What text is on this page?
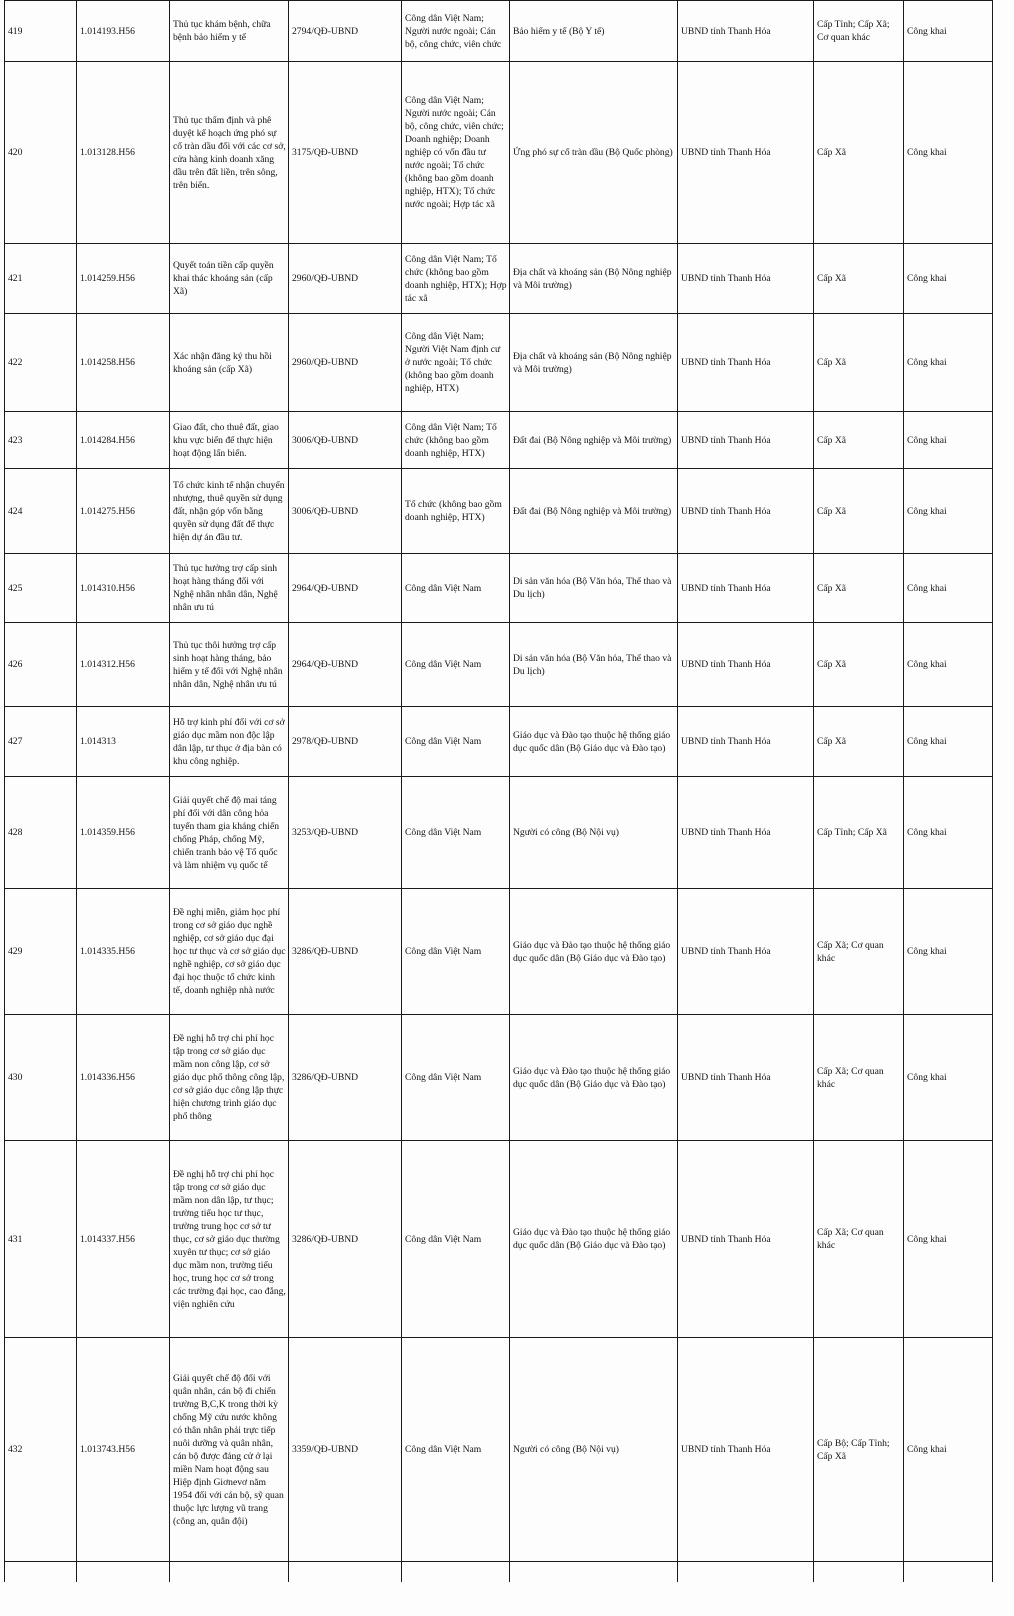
419	1.014193.H56	Thủ tục khám bệnh, chữa bệnh bảo hiểm y tế	2794/QĐ-UBND	Công dân Việt Nam; Người nước ngoài; Cán bộ, công chức, viên chức	Bảo hiểm y tế (Bộ Y tế)	UBND tỉnh Thanh Hóa	Cấp Tỉnh; Cấp Xã; Cơ quan khác	Công khai
420	1.013128.H56	Thủ tục thẩm định và phê duyệt kế hoạch ứng phó sự cố tràn dầu đối với các cơ sở, cửa hàng kinh doanh xăng dầu trên đất liền, trên sông, trên biển.	3175/QĐ-UBND	Công dân Việt Nam; Người nước ngoài; Cán bộ, công chức, viên chức; Doanh nghiệp; Doanh nghiệp có vốn đầu tư nước ngoài; Tổ chức (không bao gồm doanh nghiệp, HTX); Tổ chức nước ngoài; Hợp tác xã	Ứng phó sự cố tràn dầu (Bộ Quốc phòng)	UBND tỉnh Thanh Hóa	Cấp Xã	Công khai
421	1.014259.H56	Quyết toán tiền cấp quyền khai thác khoáng sản (cấp Xã)	2960/QĐ-UBND	Công dân Việt Nam; Tổ chức (không bao gồm doanh nghiệp, HTX); Hợp tác xã	Địa chất và khoáng sản (Bộ Nông nghiệp và Môi trường)	UBND tỉnh Thanh Hóa	Cấp Xã	Công khai
422	1.014258.H56	Xác nhận đăng ký thu hồi khoáng sản (cấp Xã)	2960/QĐ-UBND	Công dân Việt Nam; Người Việt Nam định cư ở nước ngoài; Tổ chức (không bao gồm doanh nghiệp, HTX)	Địa chất và khoáng sản (Bộ Nông nghiệp và Môi trường)	UBND tỉnh Thanh Hóa	Cấp Xã	Công khai
423	1.014284.H56	Giao đất, cho thuê đất, giao khu vực biển để thực hiện hoạt động lấn biển.	3006/QĐ-UBND	Công dân Việt Nam; Tổ chức (không bao gồm doanh nghiệp, HTX)	Đất đai (Bộ Nông nghiệp và Môi trường)	UBND tỉnh Thanh Hóa	Cấp Xã	Công khai
424	1.014275.H56	Tổ chức kinh tế nhận chuyển nhượng, thuê quyền sử dụng đất, nhận góp vốn bằng quyền sử dụng đất để thực hiện dự án đầu tư.	3006/QĐ-UBND	Tổ chức (không bao gồm doanh nghiệp, HTX)	Đất đai (Bộ Nông nghiệp và Môi trường)	UBND tỉnh Thanh Hóa	Cấp Xã	Công khai
425	1.014310.H56	Thủ tục hưởng trợ cấp sinh hoạt hàng tháng đối với Nghệ nhân nhân dân, Nghệ nhân ưu tú	2964/QĐ-UBND	Công dân Việt Nam	Di sản văn hóa (Bộ Văn hóa, Thể thao và Du lịch)	UBND tỉnh Thanh Hóa	Cấp Xã	Công khai
426	1.014312.H56	Thủ tục thôi hưởng trợ cấp sinh hoạt hàng tháng, bảo hiểm y tế đối với Nghệ nhân nhân dân, Nghệ nhân ưu tú	2964/QĐ-UBND	Công dân Việt Nam	Di sản văn hóa (Bộ Văn hóa, Thể thao và Du lịch)	UBND tỉnh Thanh Hóa	Cấp Xã	Công khai
427	1.014313	Hỗ trợ kinh phí đối với cơ sở giáo dục mầm non độc lập dân lập, tư thục ở địa bàn có khu công nghiệp.	2978/QĐ-UBND	Công dân Việt Nam	Giáo dục và Đào tạo thuộc hệ thống giáo dục quốc dân (Bộ Giáo dục và Đào tạo)	UBND tỉnh Thanh Hóa	Cấp Xã	Công khai
428	1.014359.H56	Giải quyết chế độ mai táng phí đối với dân công hỏa tuyến tham gia kháng chiến chống Pháp, chống Mỹ, chiến tranh bảo vệ Tổ quốc và làm nhiệm vụ quốc tế	3253/QĐ-UBND	Công dân Việt Nam	Người có công (Bộ Nội vụ)	UBND tỉnh Thanh Hóa	Cấp Tỉnh; Cấp Xã	Công khai
429	1.014335.H56	Đề nghị miễn, giảm học phí trong cơ sở giáo dục nghề nghiệp, cơ sở giáo dục đại học tư thục và cơ sở giáo dục nghề nghiệp, cơ sở giáo dục đại học thuộc tổ chức kinh tế, doanh nghiệp nhà nước	3286/QĐ-UBND	Công dân Việt Nam	Giáo dục và Đào tạo thuộc hệ thống giáo dục quốc dân (Bộ Giáo dục và Đào tạo)	UBND tỉnh Thanh Hóa	Cấp Xã; Cơ quan khác	Công khai
430	1.014336.H56	Đề nghị hỗ trợ chi phí học tập trong cơ sở giáo dục mầm non công lập, cơ sở giáo dục phổ thông công lập, cơ sở giáo dục công lập thực hiện chương trình giáo dục phổ thông	3286/QĐ-UBND	Công dân Việt Nam	Giáo dục và Đào tạo thuộc hệ thống giáo dục quốc dân (Bộ Giáo dục và Đào tạo)	UBND tỉnh Thanh Hóa	Cấp Xã; Cơ quan khác	Công khai
431	1.014337.H56	Đề nghị hỗ trợ chi phí học tập trong cơ sở giáo dục mầm non dân lập, tư thục; trường tiểu học tư thục, trường trung học cơ sở tư thục, cơ sở giáo dục thường xuyên tư thục; cơ sở giáo dục mầm non, trường tiểu học, trung học cơ sở trong các trường đại học, cao đẳng, viện nghiên cứu	3286/QĐ-UBND	Công dân Việt Nam	Giáo dục và Đào tạo thuộc hệ thống giáo dục quốc dân (Bộ Giáo dục và Đào tạo)	UBND tỉnh Thanh Hóa	Cấp Xã; Cơ quan khác	Công khai
432	1.013743.H56	Giải quyết chế độ đối với quân nhân, cán bộ đi chiến trường B,C,K trong thời kỳ chống Mỹ cứu nước không có thân nhân phải trực tiếp nuôi dưỡng và quân nhân, cán bộ được đảng cử ở lại miền Nam hoạt động sau Hiệp định Giơnevơ năm 1954 đối với cán bộ, sỹ quan thuộc lực lượng vũ trang (công an, quân đội)	3359/QĐ-UBND	Công dân Việt Nam	Người có công (Bộ Nội vụ)	UBND tỉnh Thanh Hóa	Cấp Bộ; Cấp Tỉnh; Cấp Xã	Công khai
